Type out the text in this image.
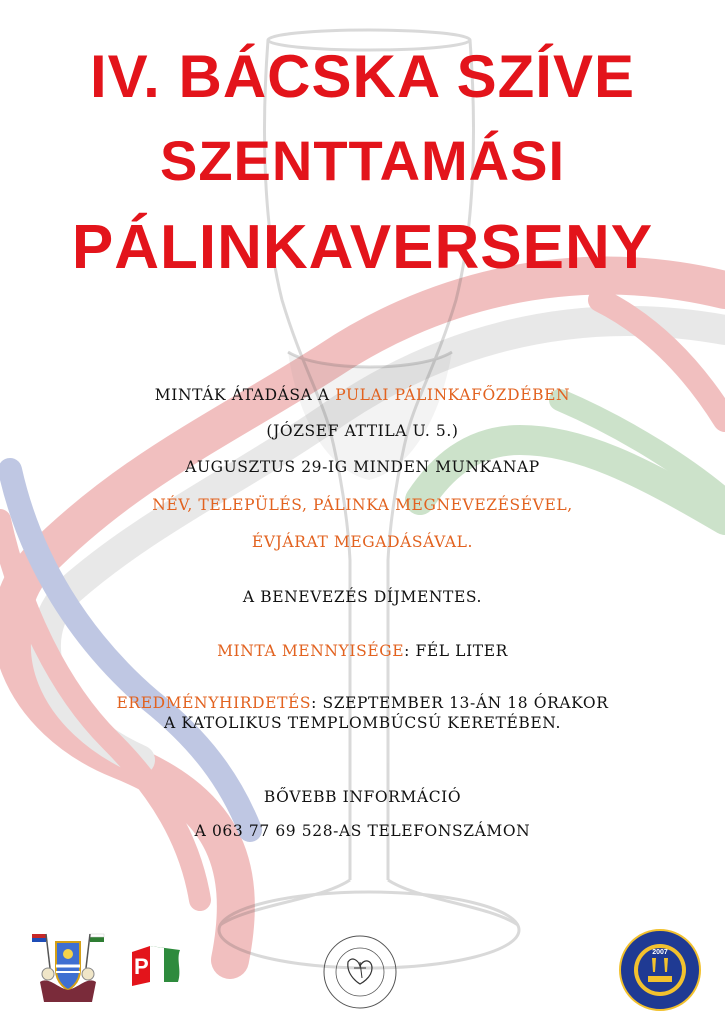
IV. BÁCSKA SZÍVE
SZENTTAMÁSI
PÁLINKAVERSENY
MINTÁK ÁTADÁSA A PULAI PÁLINKAFŐZDÉBEN
(JÓZSEF ATTILA U. 5.)
AUGUSZTUS 29-IG MINDEN MUNKANAP
NÉV, TELEPÜLÉS, PÁLINKA MEGNEVEZÉSÉVEL,
ÉVJÁRAT MEGADÁSÁVAL.
A BENEVEZÉS DÍJMENTES.
MINTA MENNYISÉGE: FÉL LITER
EREDMÉNYHIRDETÉS: SZEPTEMBER 13-ÁN 18 ÓRAKOR
A KATOLIKUS TEMPLOMBÚCSÚ KERETÉBEN.
BŐVEBB INFORMÁCIÓ
A 063 77 69 528-AS TELEFONSZÁMON
P
2007
